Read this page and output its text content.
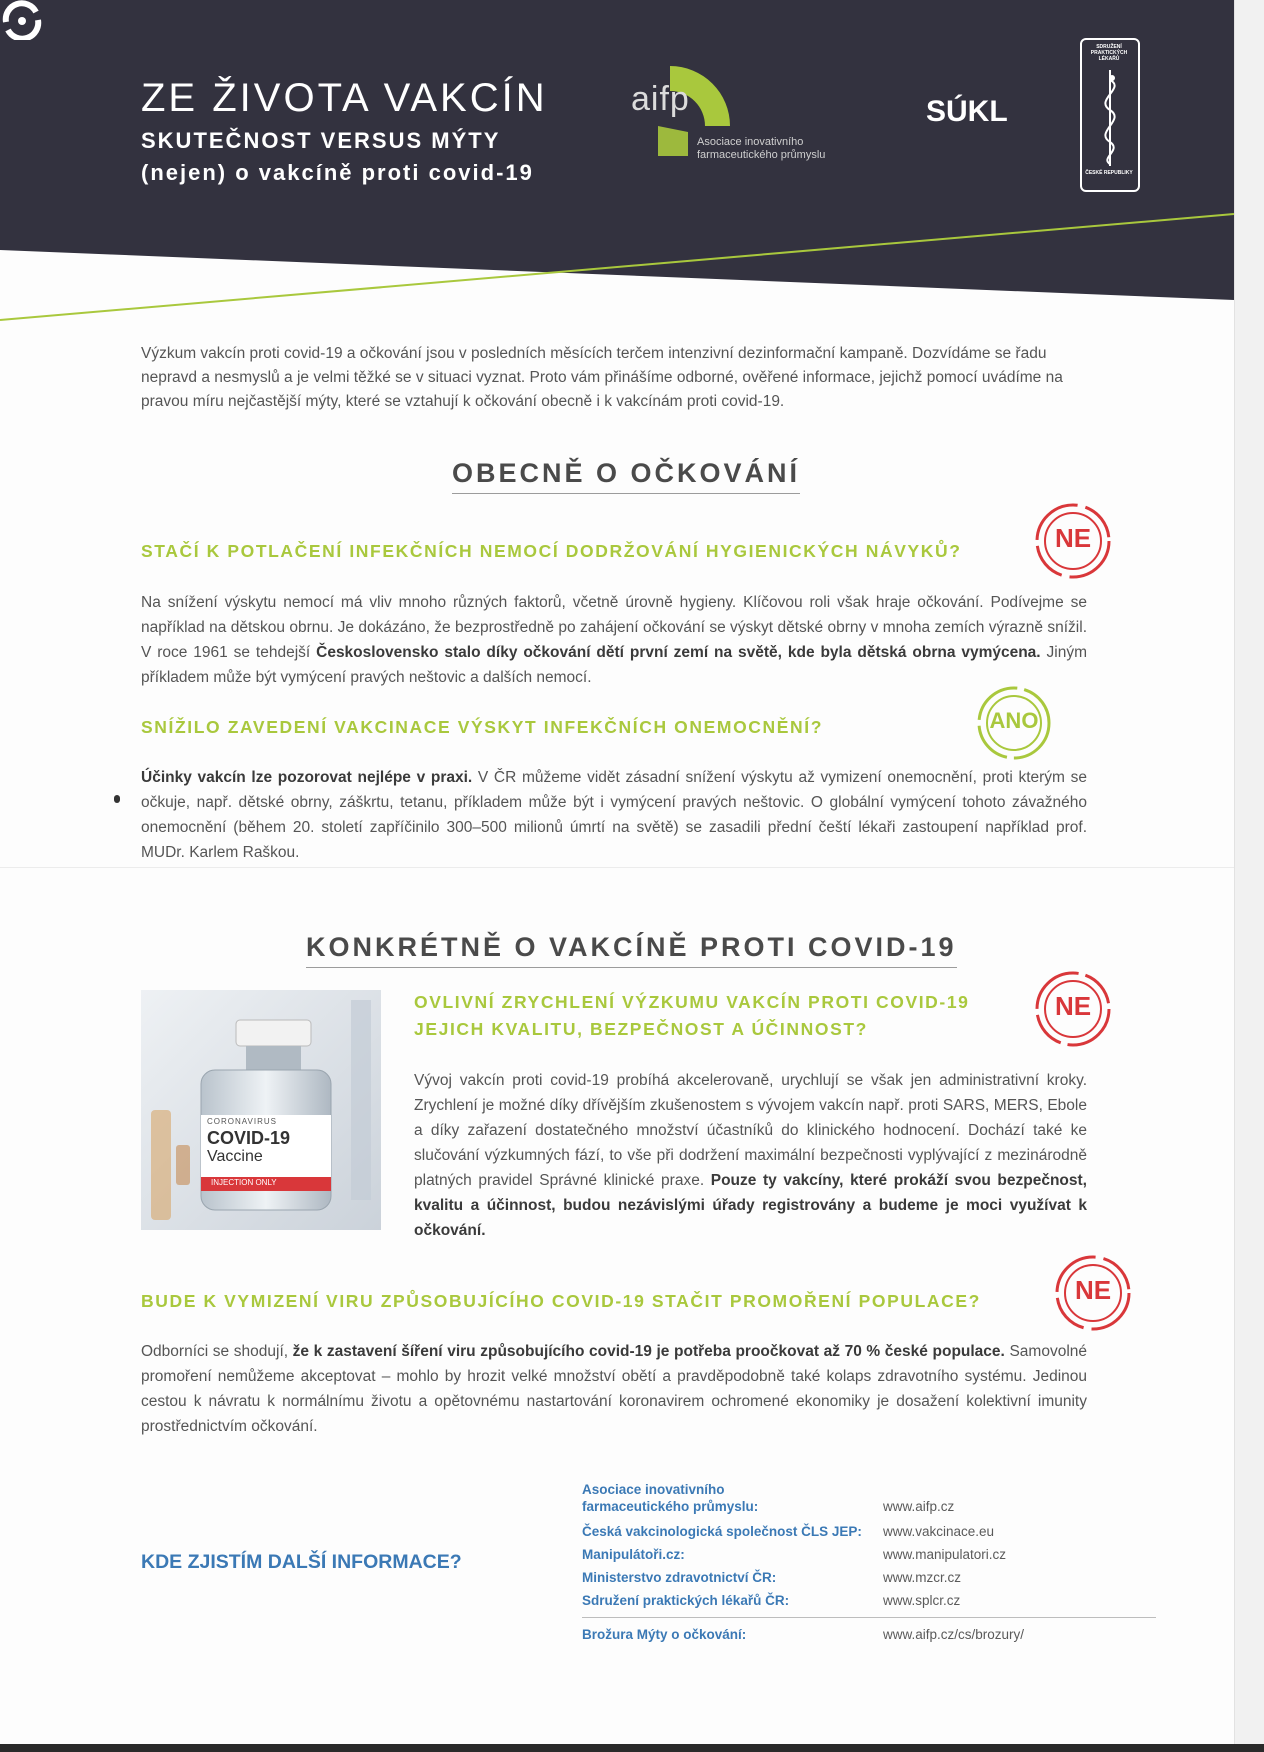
ZE ŽIVOTA VAKCÍN
SKUTEČNOST VERSUS MÝTY
(nejen) o vakcíně proti covid-19
aifp
Asociace inovativního farmaceutického průmyslu
SÚKL
SDRUŽENÍ PRAKTICKÝCH LÉKAŘŮ
ČESKÉ REPUBLIKY

Výzkum vakcín proti covid-19 a očkování jsou v posledních měsících terčem intenzivní dezinformační kampaně. Dozvídáme se řadu nepravd a nesmyslů a je velmi těžké se v situaci vyznat. Proto vám přinášíme odborné, ověřené informace, jejichž pomocí uvádíme na pravou míru nejčastější mýty, které se vztahují k očkování obecně i k vakcínám proti covid-19.

OBECNĚ O OČKOVÁNÍ
STAČÍ K POTLAČENÍ INFEKČNÍCH NEMOCÍ DODRŽOVÁNÍ HYGIENICKÝCH NÁVYKŮ?	NE

Na snížení výskytu nemocí má vliv mnoho různých faktorů, včetně úrovně hygieny. Klíčovou roli však hraje očkování. Podívejme se například na dětskou obrnu. Je dokázáno, že bezprostředně po zahájení očkování se výskyt dětské obrny v mnoha zemích výrazně snížil. V roce 1961 se tehdejší Československo stalo díky očkování dětí první zemí na světě, kde byla dětská obrna vymýcena. Jiným příkladem může být vymýcení pravých neštovic a dalších nemocí.

SNÍŽILO ZAVEDENÍ VAKCINACE VÝSKYT INFEKČNÍCH ONEMOCNĚNÍ?	ANO

Účinky vakcín lze pozorovat nejlépe v praxi. V ČR můžeme vidět zásadní snížení výskytu až vymizení onemocnění, proti kterým se očkuje, např. dětské obrny, záškrtu, tetanu, příkladem může být i vymýcení pravých neštovic. O globální vymýcení tohoto závažného onemocnění (během 20. století zapříčinilo 300–500 milionů úmrtí na světě) se zasadili přední čeští lékaři zastoupení například prof. MUDr. Karlem Raškou.

KONKRÉTNĚ O VAKCÍNĚ PROTI COVID-19
CORONAVIRUS
COVID-19
Vaccine
INJECTION ONLY
OVLIVNÍ ZRYCHLENÍ VÝZKUMU VAKCÍN PROTI COVID-19
JEJICH KVALITU, BEZPEČNOST A ÚČINNOST?
NE

Vývoj vakcín proti covid-19 probíhá akcelerovaně, urychlují se však jen administrativní kroky. Zrychlení je možné díky dřívějším zkušenostem s vývojem vakcín např. proti SARS, MERS, Ebole a díky zařazení dostatečného množství účastníků do klinického hodnocení. Dochází také ke slučování výzkumných fází, to vše při dodržení maximální bezpečnosti vyplývající z mezinárodně platných pravidel Správné klinické praxe. Pouze ty vakcíny, které prokáží svou bezpečnost, kvalitu a účinnost, budou nezávislými úřady registrovány a budeme je moci využívat k očkování.

BUDE K VYMIZENÍ VIRU ZPŮSOBUJÍCÍHO COVID-19 STAČIT PROMOŘENÍ POPULACE?	NE

Odborníci se shodují, že k zastavení šíření viru způsobujícího covid-19 je potřeba proočkovat až 70 % české populace. Samovolné promoření nemůžeme akceptovat – mohlo by hrozit velké množství obětí a pravděpodobně také kolaps zdravotního systému. Jedinou cestou k návratu k normálnímu životu a opětovnému nastartování koronavirem ochromené ekonomiky je dosažení kolektivní imunity prostřednictvím očkování.

KDE ZJISTÍM DALŠÍ INFORMACE?
Asociace inovativního
farmaceutického průmyslu:	www.aifp.cz
Česká vakcinologická společnost ČLS JEP: www.vakcinace.eu
Manipulátoři.cz:	www.manipulatori.cz
Ministerstvo zdravotnictví ČR:	www.mzcr.cz
Sdružení praktických lékařů ČR:	www.splcr.cz
Brožura Mýty o očkování:	www.aifp.cz/cs/brozury/
